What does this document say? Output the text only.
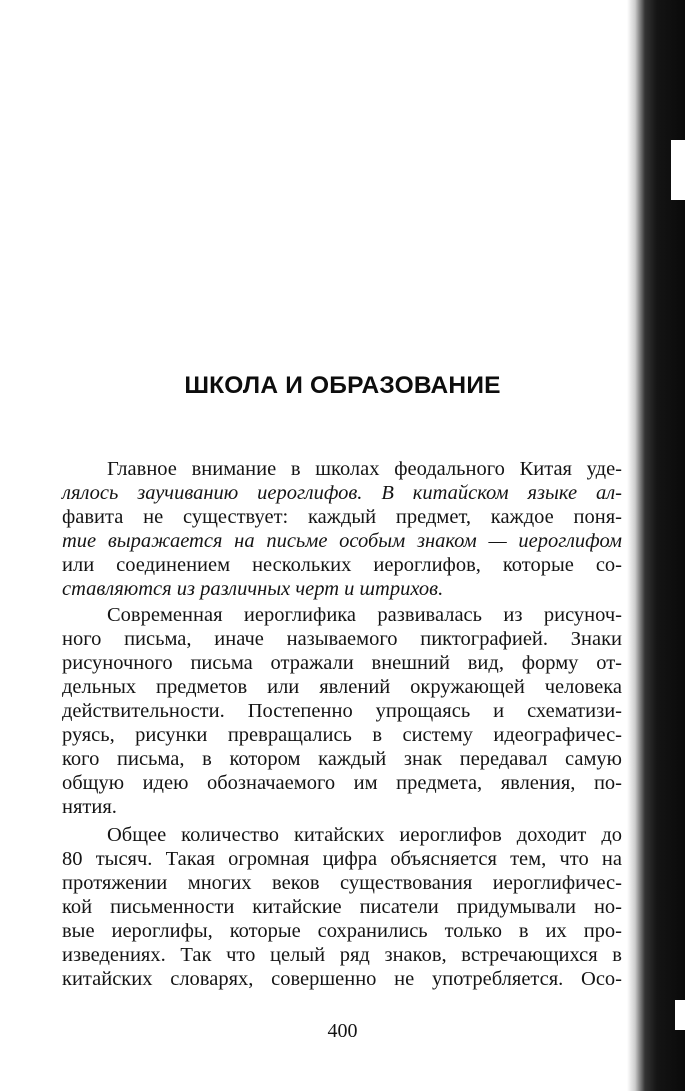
ШКОЛА И ОБРАЗОВАНИЕ
Главное внимание в школах феодального Китая уде-
лялось заучиванию иероглифов. В китайском языке ал-
фавита не существует: каждый предмет, каждое поня-
тие выражается на письме особым знаком — иероглифом
или соединением нескольких иероглифов, которые со-
ставляются из различных черт и штрихов.
Современная иероглифика развивалась из рисуноч-
ного письма, иначе называемого пиктографией. Знаки
рисуночного письма отражали внешний вид, форму от-
дельных предметов или явлений окружающей человека
действительности. Постепенно упрощаясь и схематизи-
руясь, рисунки превращались в систему идеографичес-
кого письма, в котором каждый знак передавал самую
общую идею обозначаемого им предмета, явления, по-
нятия.
Общее количество китайских иероглифов доходит до
80 тысяч. Такая огромная цифра объясняется тем, что на
протяжении многих веков существования иероглифичес-
кой письменности китайские писатели придумывали но-
вые иероглифы, которые сохранились только в их про-
изведениях. Так что целый ряд знаков, встречающихся в
китайских словарях, совершенно не употребляется. Осо-
400
